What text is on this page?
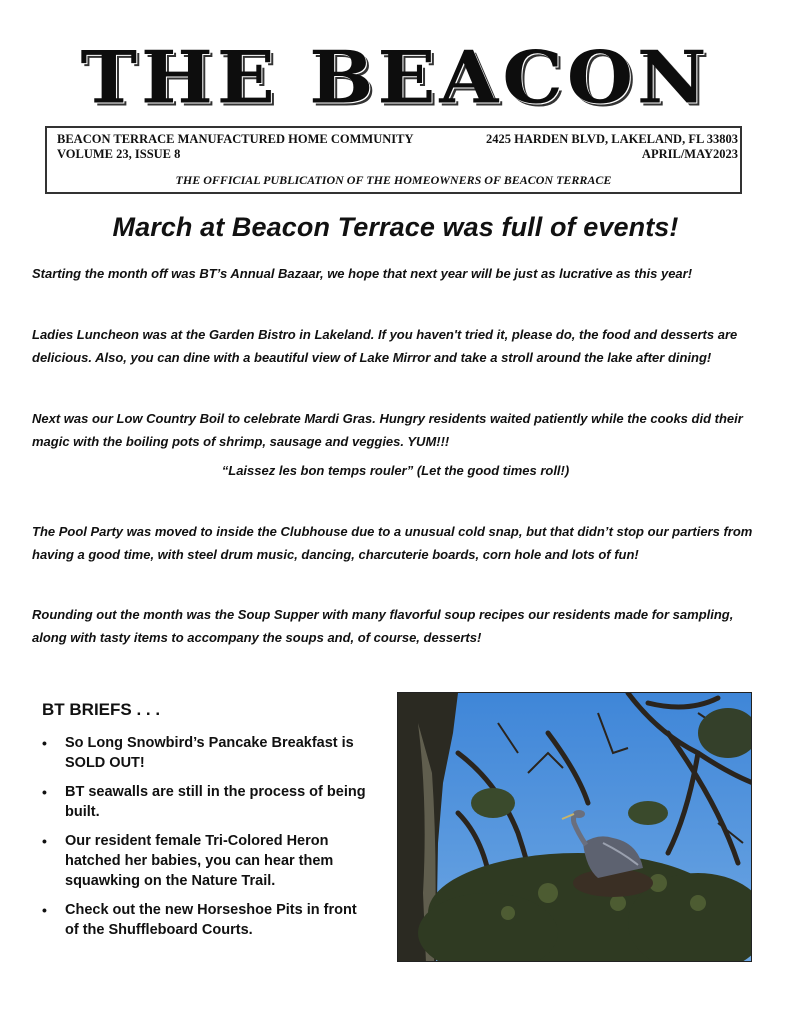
THE BEACON
BEACON TERRACE MANUFACTURED HOME COMMUNITY
VOLUME 23, ISSUE 8
2425 HARDEN BLVD, LAKELAND, FL 33803
APRIL/MAY2023
THE OFFICIAL PUBLICATION OF THE HOMEOWNERS OF BEACON TERRACE
March at Beacon Terrace was full of events!
Starting the month off was BT’s Annual Bazaar, we hope that next year will be just as lucrative as this year!
Ladies Luncheon was at the Garden Bistro in Lakeland. If you haven't tried it, please do, the food and desserts are delicious. Also, you can dine with a beautiful view of Lake Mirror and take a stroll around the lake after dining!
Next was our Low Country Boil to celebrate Mardi Gras. Hungry residents waited patiently while the cooks did their magic with the boiling pots of shrimp, sausage and veggies. YUM!!!
“Laissez les bon temps rouler” (Let the good times roll!)
The Pool Party was moved to inside the Clubhouse due to a unusual cold snap, but that didn’t stop our partiers from having a good time, with steel drum music, dancing, charcuterie boards, corn hole and lots of fun!
Rounding out the month was the Soup Supper with many flavorful soup recipes our residents made for sampling, along with tasty items to accompany the soups and, of course, desserts!
BT BRIEFS . . .
• So Long Snowbird’s Pancake Breakfast is SOLD OUT!
• BT seawalls are still in the process of being built.
• Our resident female Tri-Colored Heron hatched her babies, you can hear them squawking on the Nature Trail.
• Check out the new Horseshoe Pits in front of the Shuffleboard Courts.
